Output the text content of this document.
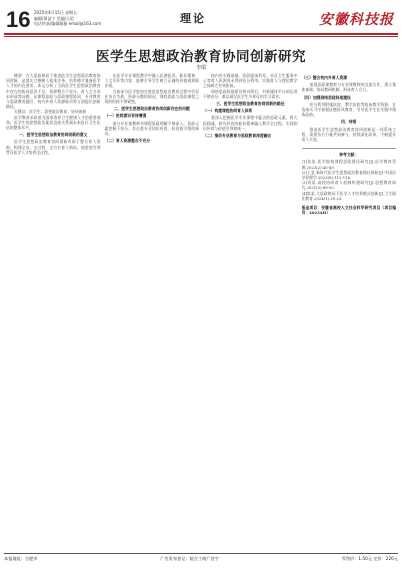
16 2025年4月15日 星期五
编辑/萧益宁 美编/王伦
电话传真/编辑邮箱 email@163.com	理论	安徽科技报
医学生思想政治教育协同创新研究
李瑞

摘要：在大思政格局下推进医学生思想政治教育协同创新，是落实立德树人根本任务、培养德才兼备医学人才的内在要求。本文分析了当前医学生思想政治教育中存在的协同意识不足、资源整合不充分、育人合力尚未形成等问题，从课程思政与思政课程协同、专业教育与思政教育融合、校内外育人资源联动等方面提出创新路径。

关键词：医学生；思想政治教育；协同创新

医学教育承担着为国家培养卫生健康人才的重要使命，医学生的思想政治素质直接关系到未来医疗卫生队伍的整体水平。

一、医学生思想政治教育协同创新的意义

医学生思想政治教育协同创新有助于整合育人资源，构建全员、全过程、全方位育人格局，使思想引领贯穿医学人才培养全过程。

在医学专业课程教学中融入医德医风、职业精神、人文关怀等内容，能够引导学生树立正确的价值观和职业观。

当前部分医学院校在推进思想政治教育过程中仍存在各自为战、资源分散的情况，课程思政与思政课程之间的衔接不够紧密。

二、医学生思想政治教育协同创新存在的问题
（一）协同意识有待增强

部分专业课教师对课程思政理解不够深入，思政元素挖掘不充分，存在重专业知识传授、轻价值引领的倾向。

（二）育人资源整合不充分

校内外实践基地、医院临床科室、社区卫生服务中心等育人资源尚未得到充分利用，实践育人与理论教学之间缺乏有效衔接。

网络思政阵地建设相对滞后，对新媒体平台的运用不够充分，难以满足医学生多样化的学习需求。

三、医学生思想政治教育协同创新的路径
（一）构建课程协同育人体系

要深入挖掘医学专业课程中蕴含的思政元素，将大医精诚、救死扶伤的职业精神融入教学全过程，实现知识传授与价值引领相统一。

（二）推动专业教育与思政教育深度融合
（三）整合校内外育人资源

加强思政课教师与专业课教师的交流合作，建立集体备课、协同教研机制，形成育人合力。

（四）加强网络思政阵地建设

充分利用附属医院、教学医院等临床教学资源，在临床实习中加强医德医风教育，引导医学生在实践中锤炼品格。

四、结语

推进医学生思想政治教育协同创新是一项系统工程，需要各方力量共同参与，持续深化改革，不断提升育人实效。

参考文献：
[1]张某.医学院校课程思政建设研究[J].医学教育管理,2023(2):45-49.
[2]王某.新时代医学生思想政治教育路径探析[J].中国医学伦理学,2022(8):112-116.
[3]刘某.高校协同育人机制构建研究[J].思想教育研究,2021(5):88-92.
[4]陈某.大思政格局下医学人才培养模式创新[J].卫生职业教育,2024(1):20-23.
基金项目：安徽省高校人文社会科学研究项目（项目编号：2023AH）
本报地址：合肥市	广告发布登记：皖合工商广登字	零售价：1.50元 定价：220元
